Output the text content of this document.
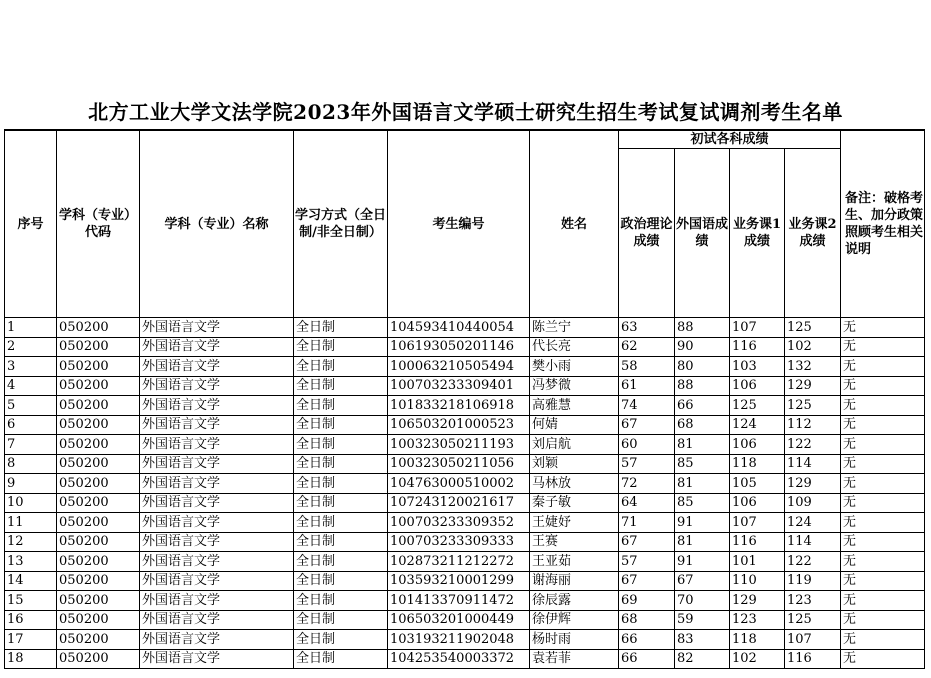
北方工业大学文法学院2023年外国语言文学硕士研究生招生考试复试调剂考生名单
序号	学科（专业）代码	学科（专业）名称	学习方式（全日制/非全日制）	考生编号	姓名	初试各科成绩				备注：破格考生、加分政策照顾考生相关说明
						政治理论成绩	外国语成绩	业务课1成绩	业务课2成绩	
1	050200	外国语言文学	全日制	104593410440054	陈兰宁	63	88	107	125	无
2	050200	外国语言文学	全日制	106193050201146	代长亮	62	90	116	102	无
3	050200	外国语言文学	全日制	100063210505494	樊小雨	58	80	103	132	无
4	050200	外国语言文学	全日制	100703233309401	冯梦微	61	88	106	129	无
5	050200	外国语言文学	全日制	101833218106918	高雅慧	74	66	125	125	无
6	050200	外国语言文学	全日制	106503201000523	何婧	67	68	124	112	无
7	050200	外国语言文学	全日制	100323050211193	刘启航	60	81	106	122	无
8	050200	外国语言文学	全日制	100323050211056	刘颖	57	85	118	114	无
9	050200	外国语言文学	全日制	104763000510002	马林放	72	81	105	129	无
10	050200	外国语言文学	全日制	107243120021617	秦子敏	64	85	106	109	无
11	050200	外国语言文学	全日制	100703233309352	王婕妤	71	91	107	124	无
12	050200	外国语言文学	全日制	100703233309333	王赛	67	81	116	114	无
13	050200	外国语言文学	全日制	102873211212272	王亚茹	57	91	101	122	无
14	050200	外国语言文学	全日制	103593210001299	谢海丽	67	67	110	119	无
15	050200	外国语言文学	全日制	101413370911472	徐辰露	69	70	129	123	无
16	050200	外国语言文学	全日制	106503201000449	徐伊辉	68	59	123	125	无
17	050200	外国语言文学	全日制	103193211902048	杨时雨	66	83	118	107	无
18	050200	外国语言文学	全日制	104253540003372	袁若菲	66	82	102	116	无
